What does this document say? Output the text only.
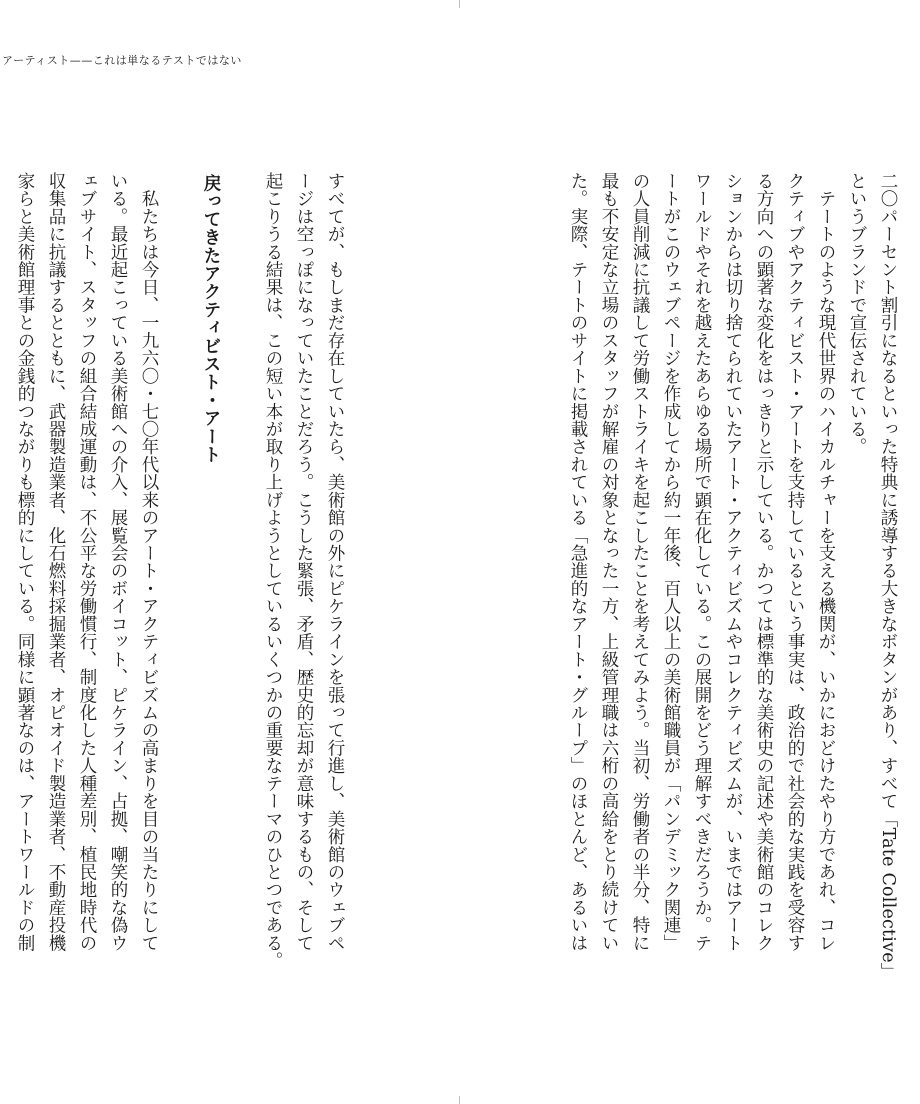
アーティスト——これは単なるテストではない
二〇パーセント割引になるといった特典に誘導する大きなボタンがあり、すべて「Tate Collective」
というブランドで宣伝されている。
　テートのような現代世界のハイカルチャーを支える機関が、いかにおどけたやり方であれ、コレ
クティブやアクティビスト・アートを支持しているという事実は、政治的で社会的な実践を受容す
る方向への顕著な変化をはっきりと示している。かつては標準的な美術史の記述や美術館のコレク
ションからは切り捨てられていたアート・アクティビズムやコレクティビズムが、いまではアート
ワールドやそれを越えたあらゆる場所で顕在化している。この展開をどう理解すべきだろうか。テ
ートがこのウェブページを作成してから約一年後、百人以上の美術館職員が「パンデミック関連」
の人員削減に抗議して労働ストライキを起こしたことを考えてみよう。当初、労働者の半分、特に
最も不安定な立場のスタッフが解雇の対象となった一方、上級管理職は六桁の高給をとり続けてい
た。実際、テートのサイトに掲載されている「急進的なアート・グループ」のほとんど、あるいは
すべてが、もしまだ存在していたら、美術館の外にピケラインを張って行進し、美術館のウェブペ
ージは空っぽになっていたことだろう。こうした緊張、矛盾、歴史的忘却が意味するもの、そして
起こりうる結果は、この短い本が取り上げようとしているいくつかの重要なテーマのひとつである。
戻ってきたアクティビスト・アート
　私たちは今日、一九六〇・七〇年代以来のアート・アクティビズムの高まりを目の当たりにして
いる。最近起こっている美術館への介入、展覧会のボイコット、ピケライン、占拠、嘲笑的な偽ウ
ェブサイト、スタッフの組合結成運動は、不公平な労働慣行、制度化した人種差別、植民地時代の
収集品に抗議するとともに、武器製造業者、化石燃料採掘業者、オピオイド製造業者、不動産投機
家らと美術館理事との金銭的つながりも標的にしている。同様に顕著なのは、アートワールドの制
